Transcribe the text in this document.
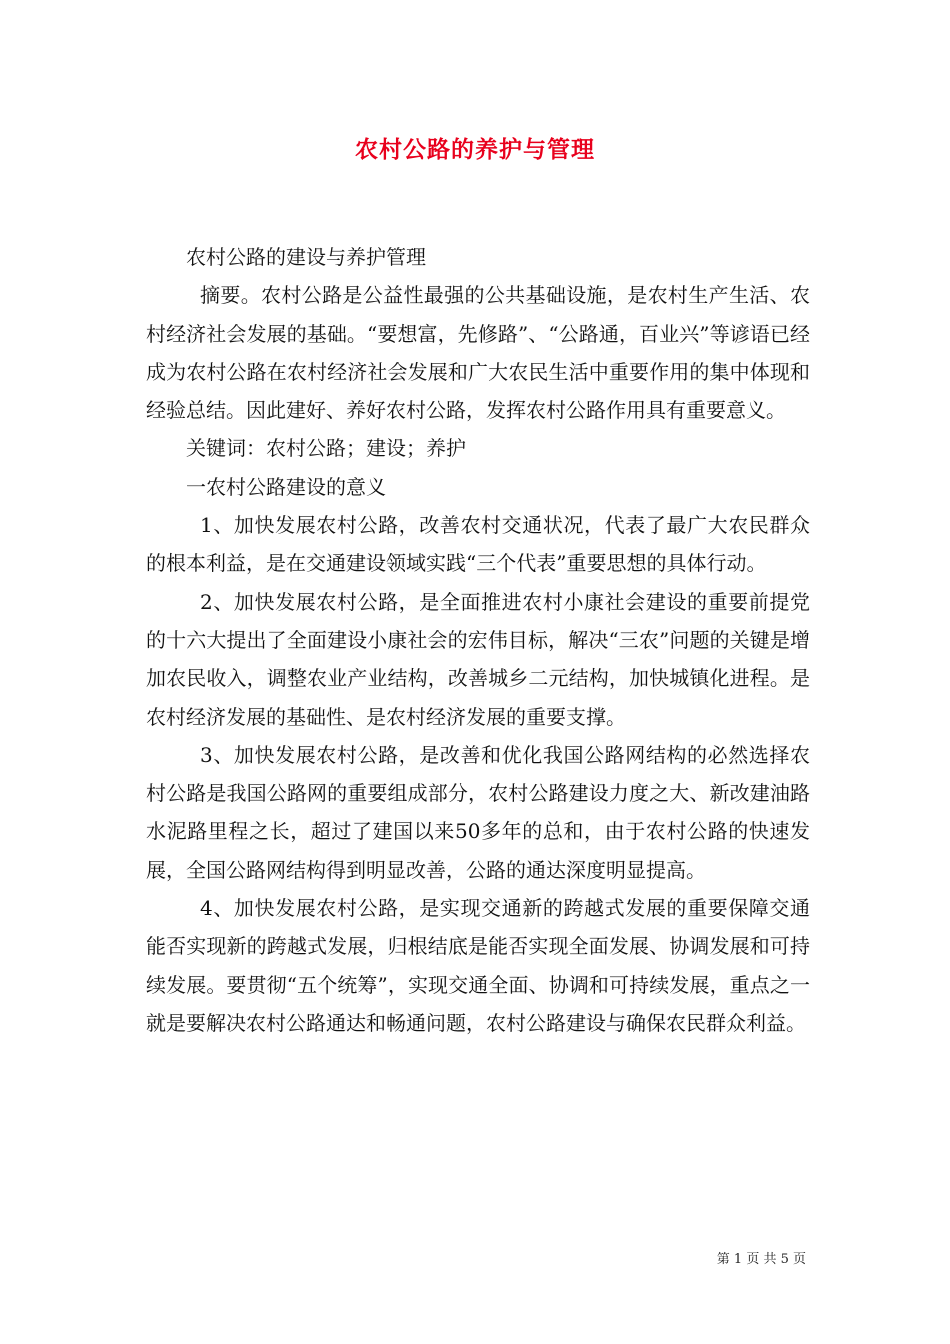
农村公路的养护与管理

农村公路的建设与养护管理

摘要。农村公路是公益性最强的公共基础设施，是农村生产生活、农村经济社会发展的基础。“要想富，先修路”、“公路通，百业兴”等谚语已经成为农村公路在农村经济社会发展和广大农民生活中重要作用的集中体现和经验总结。因此建好、养好农村公路，发挥农村公路作用具有重要意义。

关键词：农村公路；建设；养护

一农村公路建设的意义

1、加快发展农村公路，改善农村交通状况，代表了最广大农民群众的根本利益，是在交通建设领域实践“三个代表”重要思想的具体行动。

2、加快发展农村公路，是全面推进农村小康社会建设的重要前提党的十六大提出了全面建设小康社会的宏伟目标，解决“三农”问题的关键是增加农民收入，调整农业产业结构，改善城乡二元结构，加快城镇化进程。是农村经济发展的基础性、是农村经济发展的重要支撑。

3、加快发展农村公路，是改善和优化我国公路网结构的必然选择农村公路是我国公路网的重要组成部分，农村公路建设力度之大、新改建油路水泥路里程之长，超过了建国以来50多年的总和，由于农村公路的快速发展，全国公路网结构得到明显改善，公路的通达深度明显提高。

4、加快发展农村公路，是实现交通新的跨越式发展的重要保障交通能否实现新的跨越式发展，归根结底是能否实现全面发展、协调发展和可持续发展。要贯彻“五个统筹”，实现交通全面、协调和可持续发展，重点之一就是要解决农村公路通达和畅通问题，农村公路建设与确保农民群众利益。

第 1 页 共 5 页
